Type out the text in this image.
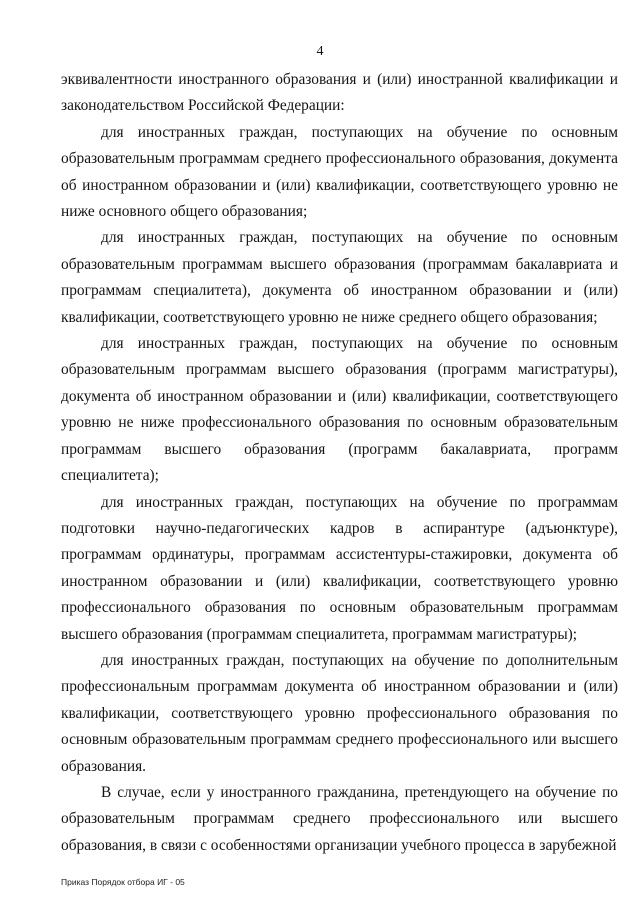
4

эквивалентности иностранного образования и (или) иностранной квалификации и законодательством Российской Федерации:

для иностранных граждан, поступающих на обучение по основным образовательным программам среднего профессионального образования, документа об иностранном образовании и (или) квалификации, соответствующего уровню не ниже основного общего образования;

для иностранных граждан, поступающих на обучение по основным образовательным программам высшего образования (программам бакалавриата и программам специалитета), документа об иностранном образовании и (или) квалификации, соответствующего уровню не ниже среднего общего образования;

для иностранных граждан, поступающих на обучение по основным образовательным программам высшего образования (программ магистратуры), документа об иностранном образовании и (или) квалификации, соответствующего уровню не ниже профессионального образования по основным образовательным программам высшего образования (программ бакалавриата, программ специалитета);

для иностранных граждан, поступающих на обучение по программам подготовки научно-педагогических кадров в аспирантуре (адъюнктуре), программам ординатуры, программам ассистентуры-стажировки, документа об иностранном образовании и (или) квалификации, соответствующего уровню профессионального образования по основным образовательным программам высшего образования (программам специалитета, программам магистратуры);

для иностранных граждан, поступающих на обучение по дополнительным профессиональным программам документа об иностранном образовании и (или) квалификации, соответствующего уровню профессионального образования по основным образовательным программам среднего профессионального или высшего образования.

В случае, если у иностранного гражданина, претендующего на обучение по образовательным программам среднего профессионального или высшего образования, в связи с особенностями организации учебного процесса в зарубежной

Приказ Порядок отбора ИГ - 05
